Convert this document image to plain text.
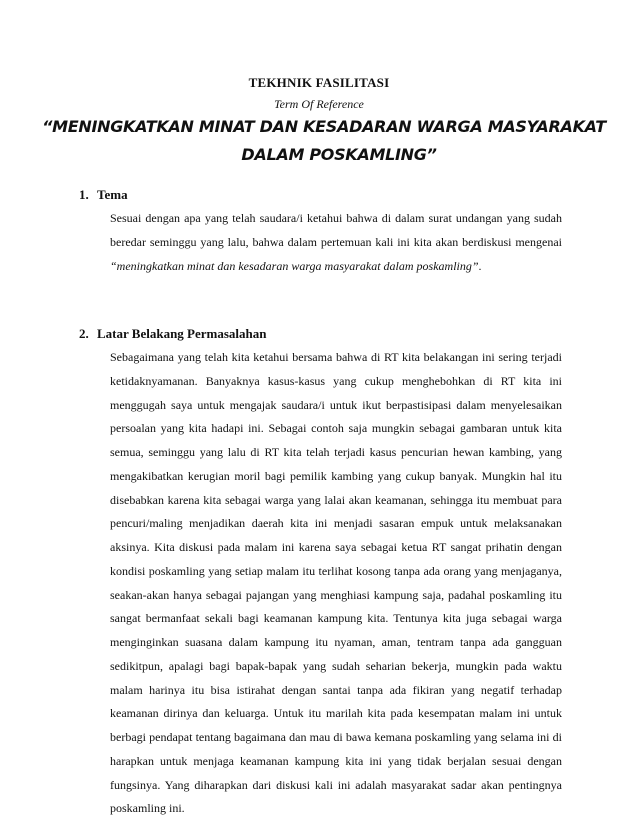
TEKHNIK FASILITASI
Term Of Reference
“MENINGKATKAN MINAT DAN KESADARAN WARGA MASYARAKAT
DALAM POSKAMLING”
1. Tema
Sesuai dengan apa yang telah saudara/i ketahui bahwa di dalam surat undangan yang sudah beredar seminggu yang lalu, bahwa dalam pertemuan kali ini kita akan berdiskusi mengenai “meningkatkan minat dan kesadaran warga masyarakat dalam poskamling”.
2. Latar Belakang Permasalahan
Sebagaimana yang telah kita ketahui bersama bahwa di RT kita belakangan ini sering terjadi ketidaknyamanan. Banyaknya kasus-kasus yang cukup menghebohkan di RT kita ini menggugah saya untuk mengajak saudara/i untuk ikut berpastisipasi dalam menyelesaikan persoalan yang kita hadapi ini. Sebagai contoh saja mungkin sebagai gambaran untuk kita semua, seminggu yang lalu di RT kita telah terjadi kasus pencurian hewan kambing, yang mengakibatkan kerugian moril bagi pemilik kambing yang cukup banyak. Mungkin hal itu disebabkan karena kita sebagai warga yang lalai akan keamanan, sehingga itu membuat para pencuri/maling menjadikan daerah kita ini menjadi sasaran empuk untuk melaksanakan aksinya. Kita diskusi pada malam ini karena saya sebagai ketua RT sangat prihatin dengan kondisi poskamling yang setiap malam itu terlihat kosong tanpa ada orang yang menjaganya, seakan-akan hanya sebagai pajangan yang menghiasi kampung saja, padahal poskamling itu sangat bermanfaat sekali bagi keamanan kampung kita. Tentunya kita juga sebagai warga menginginkan suasana dalam kampung itu nyaman, aman, tentram tanpa ada gangguan sedikitpun, apalagi bagi bapak-bapak yang sudah seharian bekerja, mungkin pada waktu malam harinya itu bisa istirahat dengan santai tanpa ada fikiran yang negatif terhadap keamanan dirinya dan keluarga. Untuk itu marilah kita pada kesempatan malam ini untuk berbagi pendapat tentang bagaimana dan mau di bawa kemana poskamling yang selama ini di harapkan untuk menjaga keamanan kampung kita ini yang tidak berjalan sesuai dengan fungsinya. Yang diharapkan dari diskusi kali ini adalah masyarakat sadar akan pentingnya poskamling ini.
